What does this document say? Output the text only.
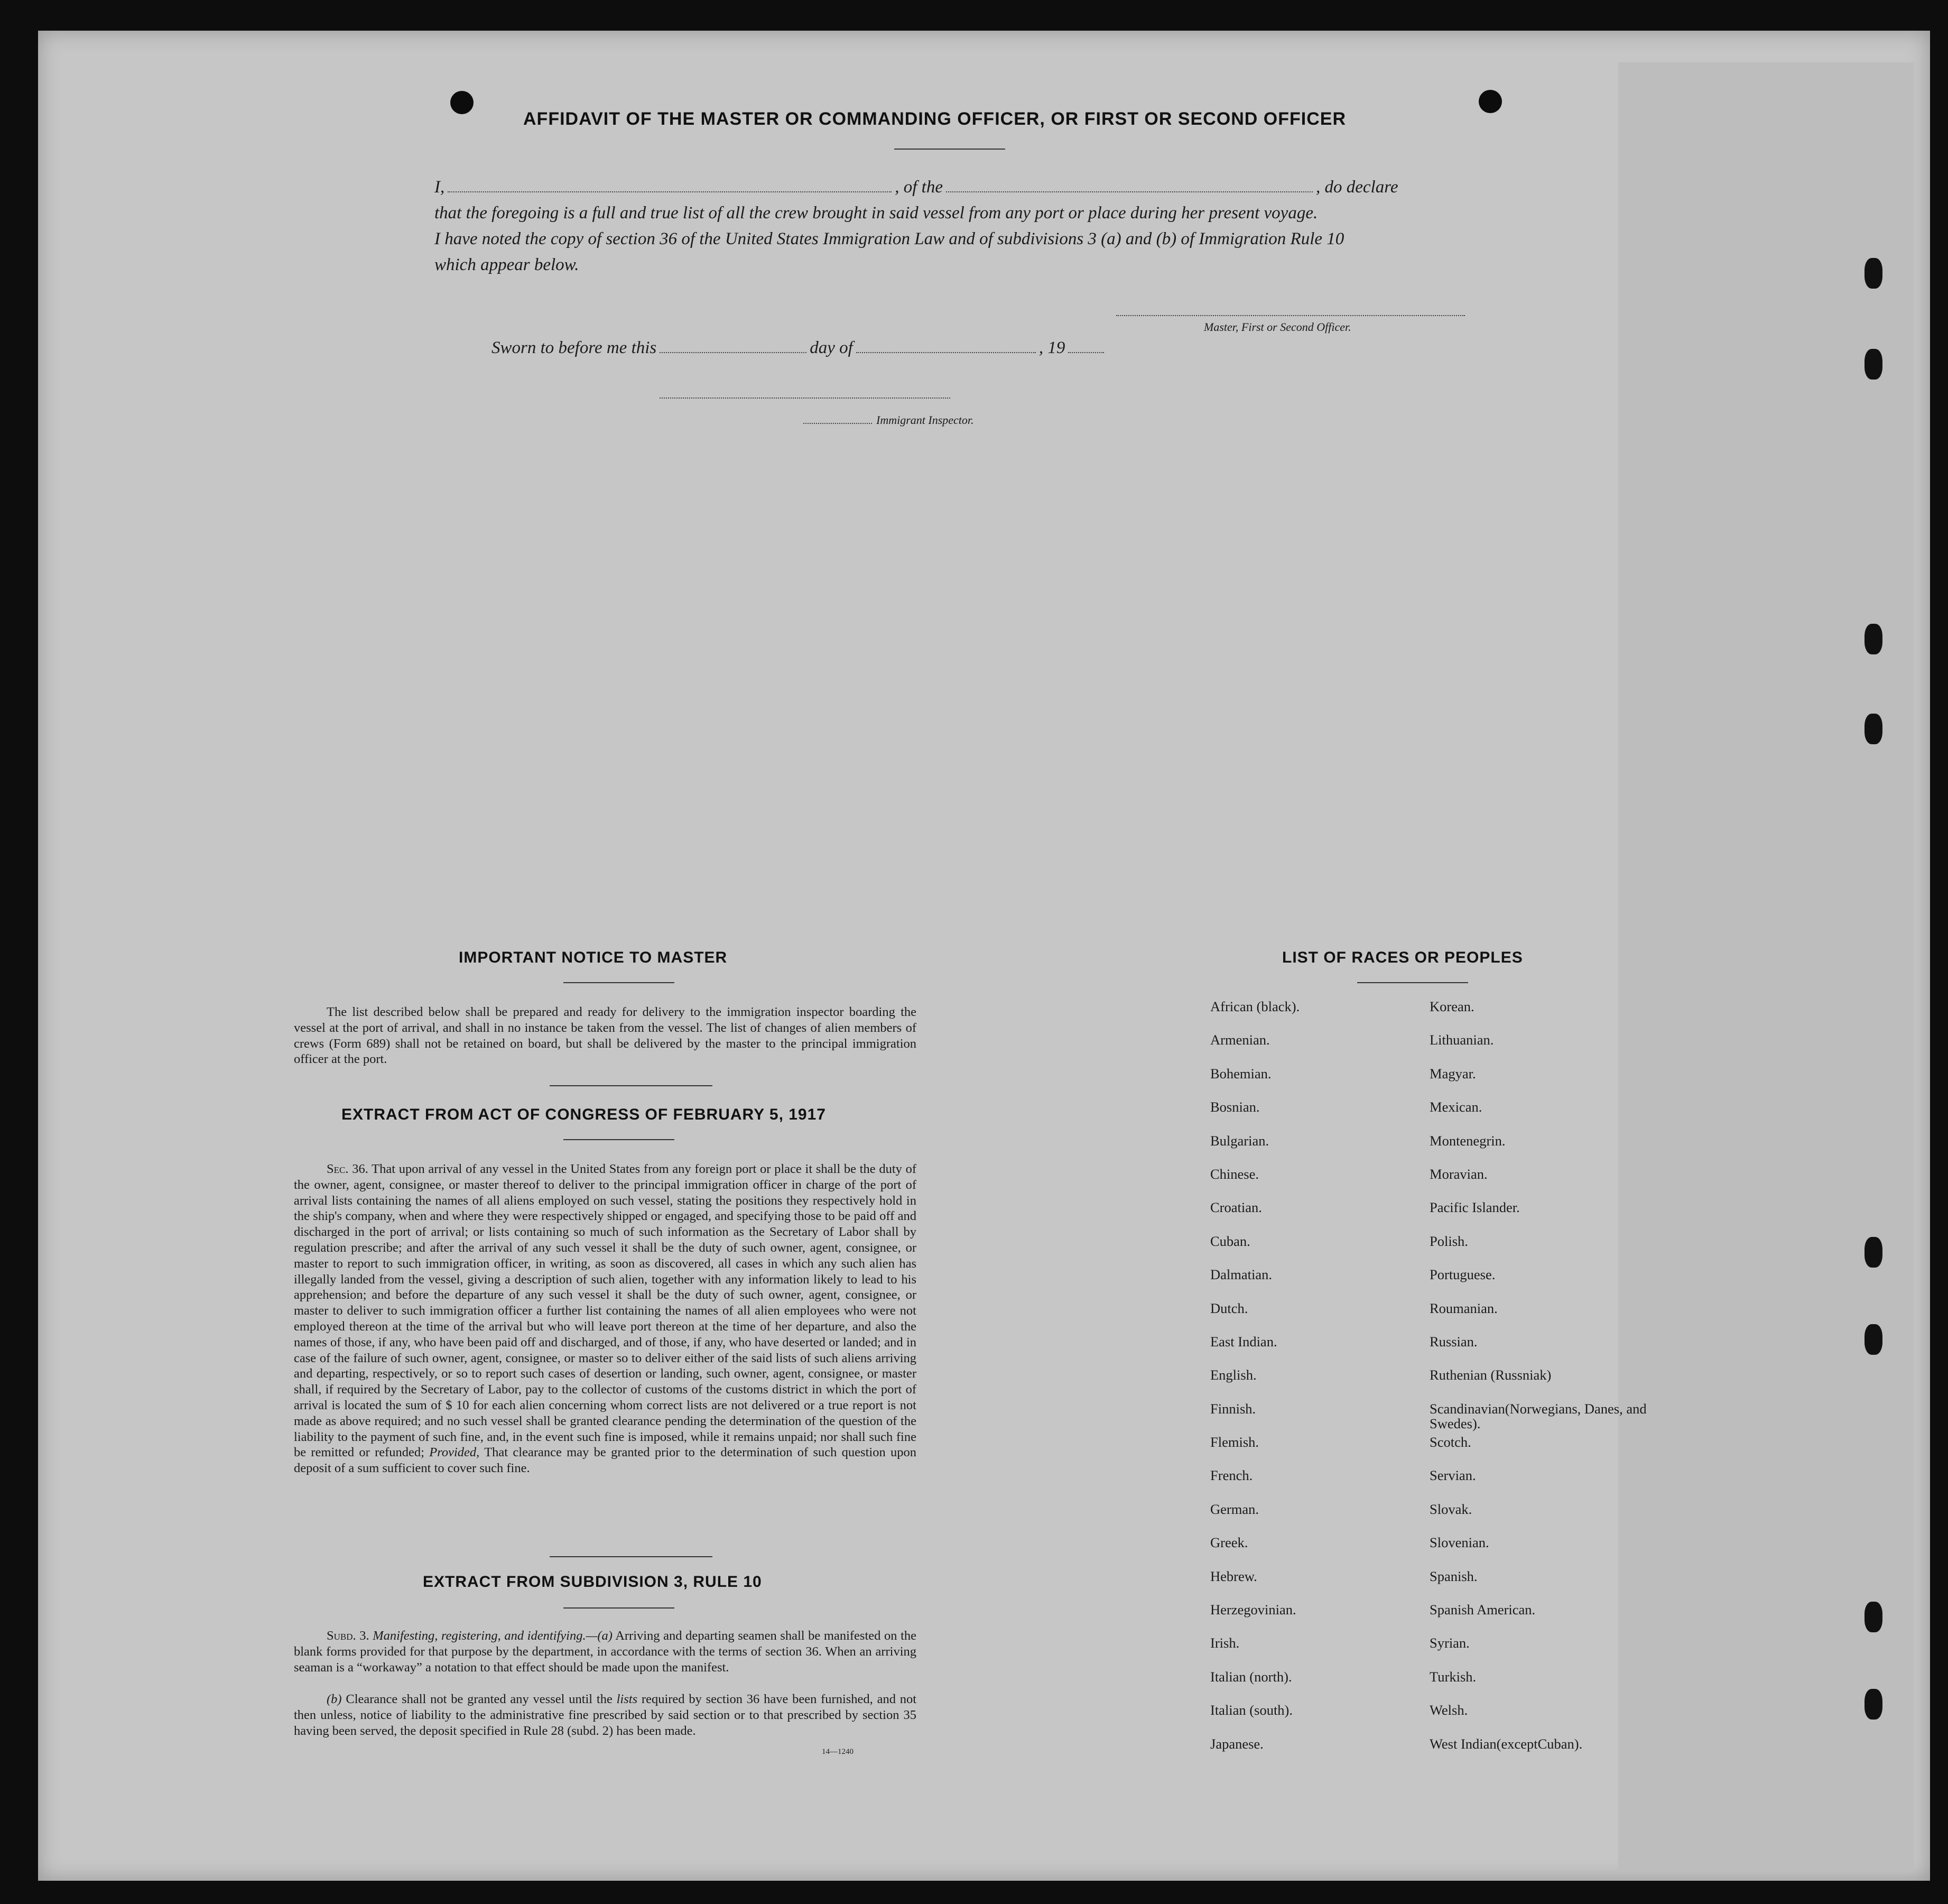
AFFIDAVIT OF THE MASTER OR COMMANDING OFFICER, OR FIRST OR SECOND OFFICER
I,	, of the	, do declare
that the foregoing is a full and true list of all the crew brought in said vessel from any port or place during her present voyage.
I have noted the copy of section 36 of the United States Immigration Law and of subdivisions 3 (a) and (b) of Immigration Rule 10
which appear below.
Master, First or Second Officer.
Sworn to before me this	day of	, 19
Immigrant Inspector.
IMPORTANT NOTICE TO MASTER

The list described below shall be prepared and ready for delivery to the immigration inspector boarding the vessel at the port of arrival, and shall in no instance be taken from the vessel. The list of changes of alien members of crews (Form 689) shall not be retained on board, but shall be delivered by the master to the principal immigration officer at the port.

EXTRACT FROM ACT OF CONGRESS OF FEBRUARY 5, 1917

Sec. 36. That upon arrival of any vessel in the United States from any foreign port or place it shall be the duty of the owner, agent, consignee, or master thereof to deliver to the principal immigration officer in charge of the port of arrival lists containing the names of all aliens employed on such vessel, stating the positions they respectively hold in the ship's company, when and where they were respectively shipped or engaged, and specifying those to be paid off and discharged in the port of arrival; or lists containing so much of such information as the Secretary of Labor shall by regulation prescribe; and after the arrival of any such vessel it shall be the duty of such owner, agent, consignee, or master to report to such immigration officer, in writing, as soon as discovered, all cases in which any such alien has illegally landed from the vessel, giving a description of such alien, together with any information likely to lead to his apprehension; and before the departure of any such vessel it shall be the duty of such owner, agent, consignee, or master to deliver to such immigration officer a further list containing the names of all alien employees who were not employed thereon at the time of the arrival but who will leave port thereon at the time of her departure, and also the names of those, if any, who have been paid off and discharged, and of those, if any, who have deserted or landed; and in case of the failure of such owner, agent, consignee, or master so to deliver either of the said lists of such aliens arriving and departing, respectively, or so to report such cases of desertion or landing, such owner, agent, consignee, or master shall, if required by the Secretary of Labor, pay to the collector of customs of the customs district in which the port of arrival is located the sum of $ 10 for each alien concerning whom correct lists are not delivered or a true report is not made as above required; and no such vessel shall be granted clearance pending the determination of the question of the liability to the payment of such fine, and, in the event such fine is imposed, while it remains unpaid; nor shall such fine be remitted or refunded; Provided, That clearance may be granted prior to the determination of such question upon deposit of a sum sufficient to cover such fine.

EXTRACT FROM SUBDIVISION 3, RULE 10

Subd. 3. Manifesting, registering, and identifying.—(a) Arriving and departing seamen shall be manifested on the blank forms provided for that purpose by the department, in accordance with the terms of section 36. When an arriving seaman is a “workaway” a notation to that effect should be made upon the manifest.

(b) Clearance shall not be granted any vessel until the lists required by section 36 have been furnished, and not then unless, notice of liability to the administrative fine prescribed by said section or to that prescribed by section 35 having been served, the deposit specified in Rule 28 (subd. 2) has been made.

14—1240
LIST OF RACES OR PEOPLES
African (black).	Korean.
Armenian.	Lithuanian.
Bohemian.	Magyar.
Bosnian.	Mexican.
Bulgarian.	Montenegrin.
Chinese.	Moravian.
Croatian.	Pacific Islander.
Cuban.	Polish.
Dalmatian.	Portuguese.
Dutch.	Roumanian.
East Indian.	Russian.
English.	Ruthenian (Russniak)
Finnish.	Scandinavian(Norwegians, Danes, and Swedes).
Flemish.	Scotch.
French.	Servian.
German.	Slovak.
Greek.	Slovenian.
Hebrew.	Spanish.
Herzegovinian.	Spanish American.
Irish.	Syrian.
Italian (north).	Turkish.
Italian (south).	Welsh.
Japanese.	West Indian(exceptCuban).
